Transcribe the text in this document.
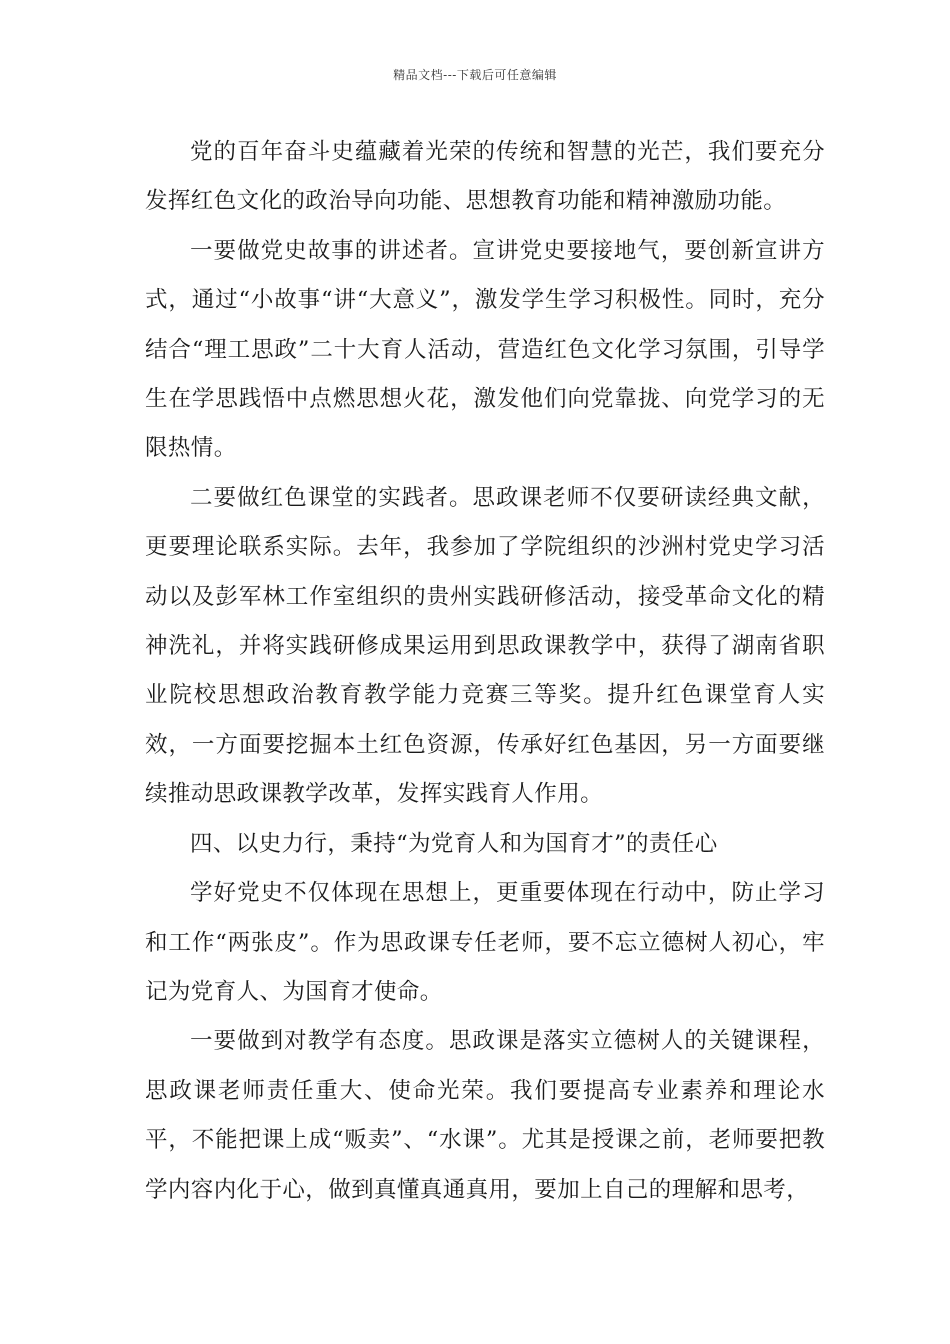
精品文档---下载后可任意编辑

党的百年奋斗史蕴藏着光荣的传统和智慧的光芒，我们要充分发挥红色文化的政治导向功能、思想教育功能和精神激励功能。

一要做党史故事的讲述者。宣讲党史要接地气，要创新宣讲方式，通过“小故事“讲“大意义”，激发学生学习积极性。同时，充分结合“理工思政”二十大育人活动，营造红色文化学习氛围，引导学生在学思践悟中点燃思想火花，激发他们向党靠拢、向党学习的无限热情。

二要做红色课堂的实践者。思政课老师不仅要研读经典文献，更要理论联系实际。去年，我参加了学院组织的沙洲村党史学习活动以及彭军林工作室组织的贵州实践研修活动，接受革命文化的精神洗礼，并将实践研修成果运用到思政课教学中，获得了湖南省职业院校思想政治教育教学能力竞赛三等奖。提升红色课堂育人实效，一方面要挖掘本土红色资源，传承好红色基因，另一方面要继续推动思政课教学改革，发挥实践育人作用。

四、以史力行，秉持“为党育人和为国育才”的责任心

学好党史不仅体现在思想上，更重要体现在行动中，防止学习和工作“两张皮”。作为思政课专任老师，要不忘立德树人初心，牢记为党育人、为国育才使命。

一要做到对教学有态度。思政课是落实立德树人的关键课程，思政课老师责任重大、使命光荣。我们要提高专业素养和理论水平，不能把课上成“贩卖”、“水课”。尤其是授课之前，老师要把教学内容内化于心，做到真懂真通真用，要加上自己的理解和思考，
